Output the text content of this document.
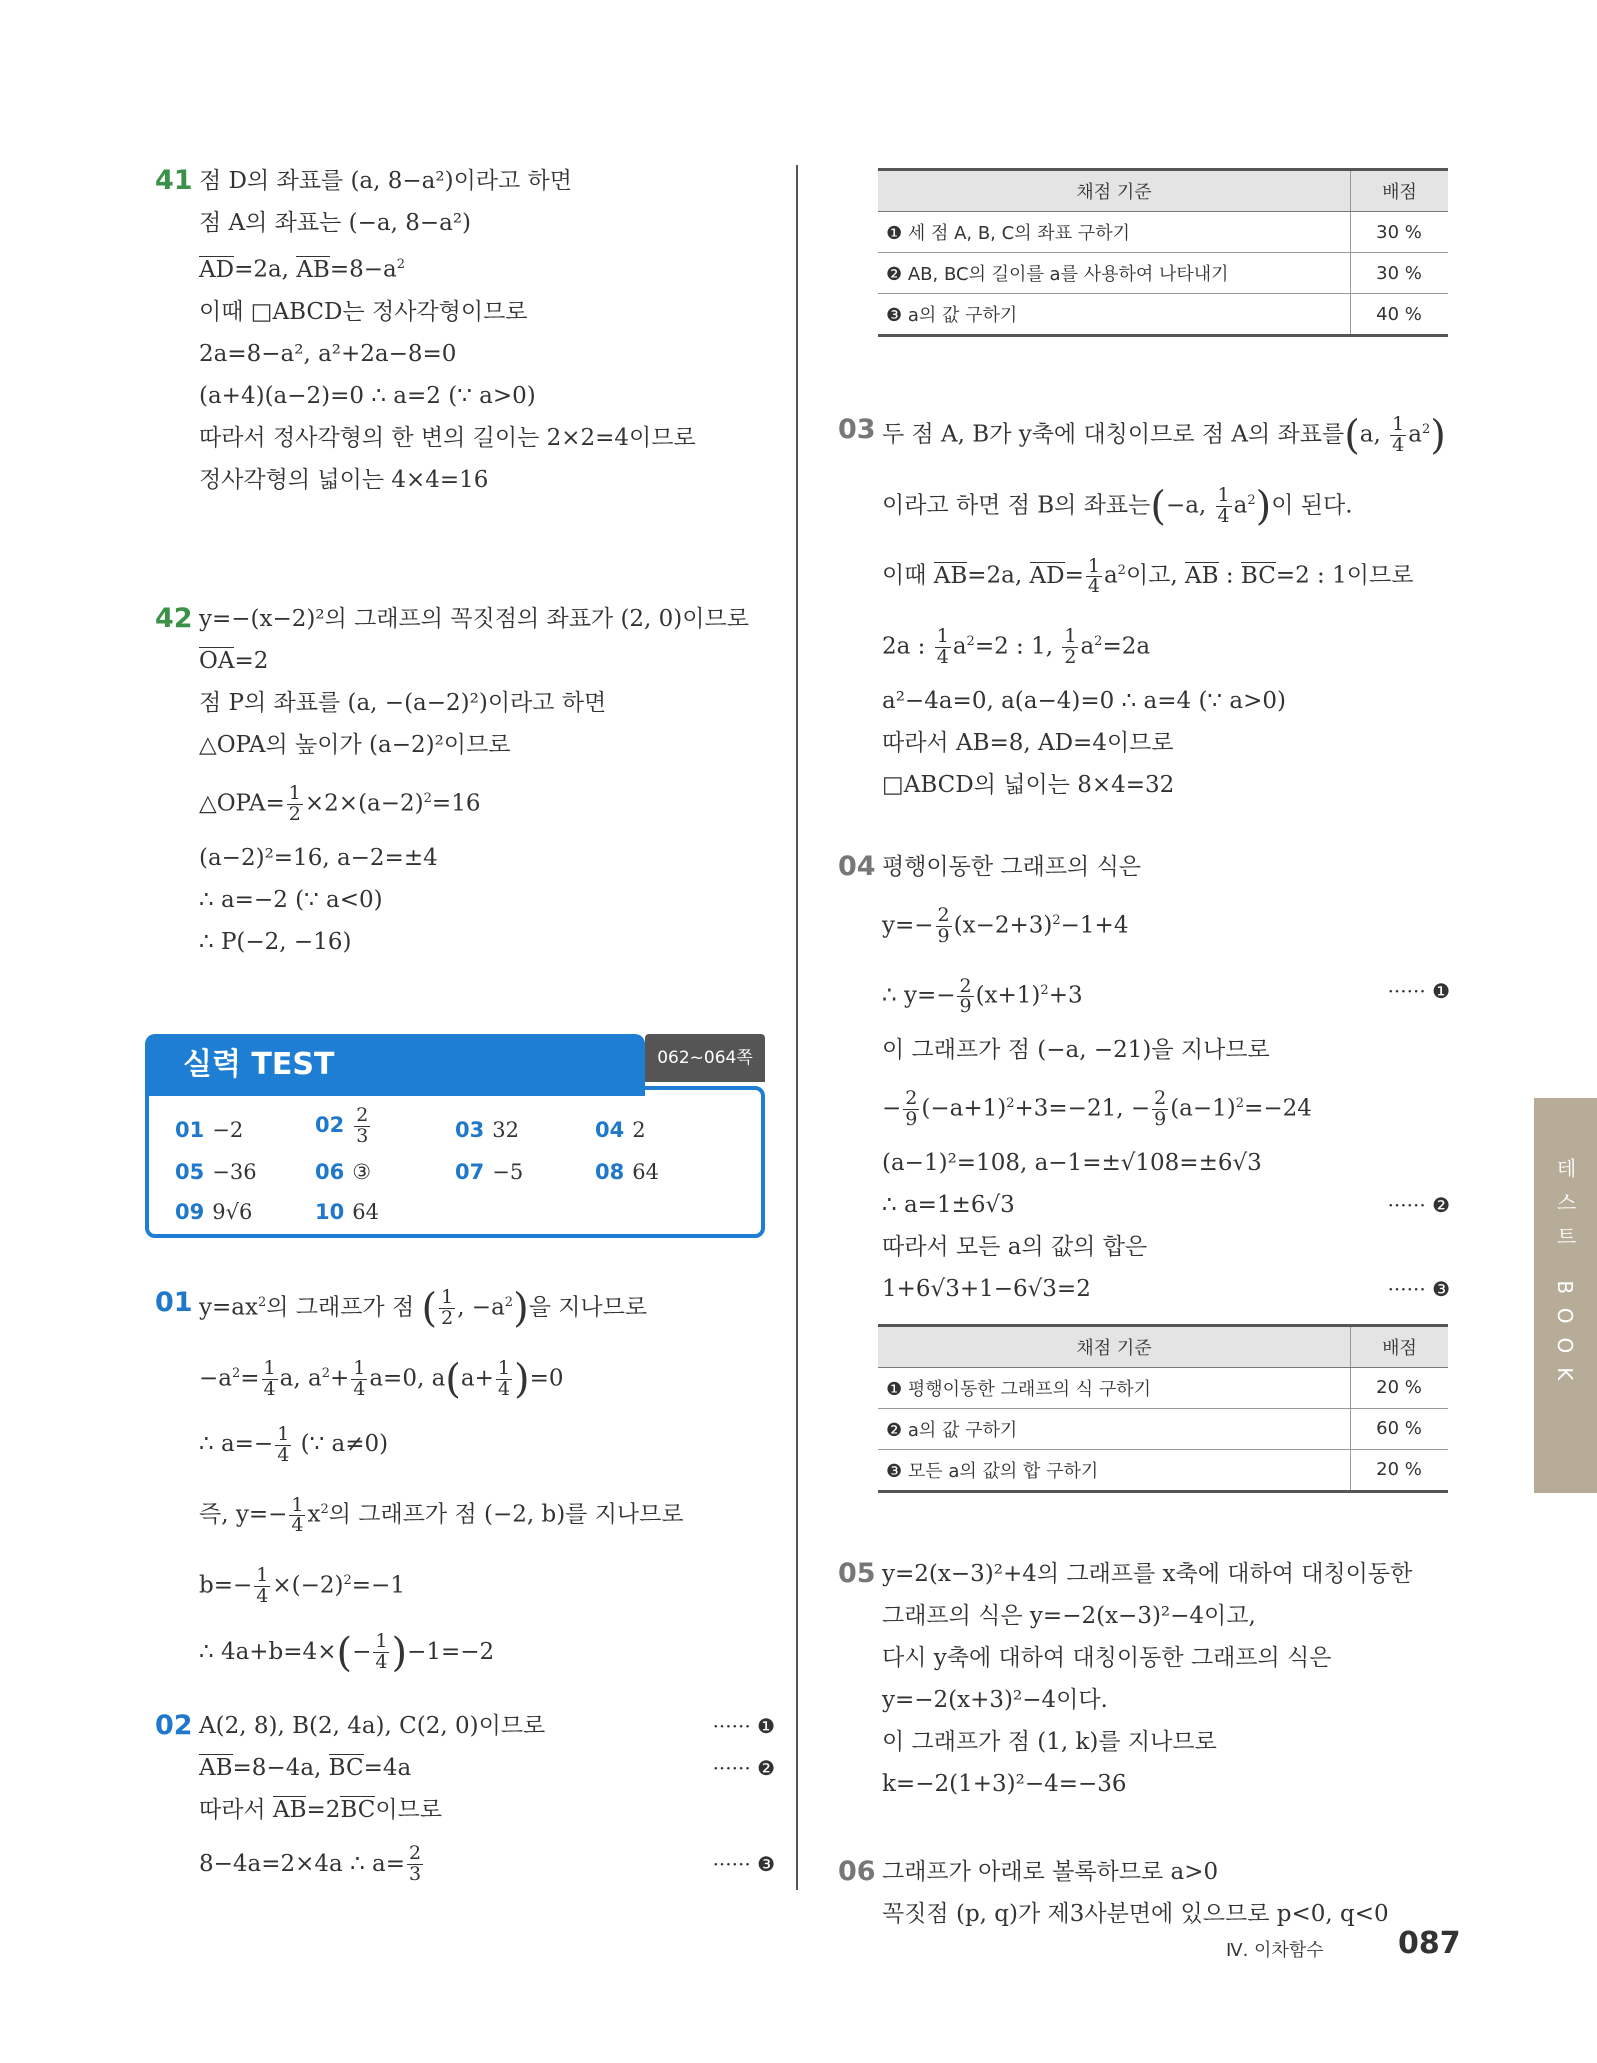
41 점 D의 좌표를 (a, 8−a²)이라고 하면
점 A의 좌표는 (−a, 8−a²)
AD=2a, $AB=8-a^2$
이때 □ABCD는 정사각형이므로
2a=8−a², a²+2a−8=0
(a+4)(a−2)=0 ∴ a=2 (∵ a>0)
따라서 정사각형의 한 변의 길이는 2×2=4이므로
정사각형의 넓이는 4×4=16
42 y=−(x−2)²의 그래프의 꼭짓점의 좌표가 (2, 0)이므로
OA=2
점 P의 좌표를 (a, −(a−2)²)이라고 하면
△OPA의 높이가 (a−2)²이므로
△OPA= $\frac{1}{2} \times 2\times(a-2)^2=16$
(a−2)²=16, a−2=±4
∴ a=−2 (∵ a<0)
∴ P(−2, −16)
01 −2	$02 \frac{2}{3}$	03 32	04 2
05 −36	06 ③	07 −5	08 64
09 9√6	10 64
실력 TEST	062~064쪽
01 $y=ax^2$의 그래프가 점 ( $\frac{1}{2}$ , $-a^2$)을 지나므로
$-a^2= \frac{1}{4} a$, $a^2+ \frac{1}{4} a=0$, $a(a+ \frac{1}{4} )=0$
∴ $a=- \frac{1}{4}$ (∵ a≠0)
즉, $y=- \frac{1}{4} x^2$의 그래프가 점 (−2, b)를 지나므로
$b=- \frac{1}{4} \times(-2)^2=-1$
∴ $4a+b=4\times(- \frac{1}{4} )-1=-2$
02 A(2, 8), B(2, 4a), C(2, 0)이므로	······ ❶
AB=8−4a, BC=4a	······ ❷
따라서 AB=2BC이므로
8−4a=2×4a ∴ $a= \frac{2}{3}$	······ ❸
채점 기준	배점
❶ 세 점 A, B, C의 좌표 구하기	30 %
❷ AB, BC의 길이를 a를 사용하여 나타내기	30 %
❸ a의 값 구하기	40 %
03 두 점 A, B가 y축에 대칭이므로 점 A의 좌표를(a, $\frac{1}{4} a^2$)
이라고 하면 점 B의 좌표는(−a, $\frac{1}{4} a^2$)이 된다.
이때 AB=2a, $AD= \frac{1}{4} a^2$이고, AB : BC=2 : 1이므로
2a : $\frac{1}{4} a^2=2$ : 1, $\frac{1}{2} a^2=2a$
a²−4a=0, a(a−4)=0 ∴ a=4 (∵ a>0)
따라서 AB=8, AD=4이므로
□ABCD의 넓이는 8×4=32
04 평행이동한 그래프의 식은
$y=- \frac{2}{9} (x-2+3)^2-1+4$
∴ $y=- \frac{2}{9} (x+1)^2+3$	······ ❶
이 그래프가 점 (−a, −21)을 지나므로
− $\frac{2}{9} (-a+1)^2+3=-21$, − $\frac{2}{9} (a-1)^2=-24$
(a−1)²=108, a−1=±√108=±6√3
∴ a=1±6√3	······ ❷
따라서 모든 a의 값의 합은
1+6√3+1−6√3=2	······ ❸
채점 기준	배점
❶ 평행이동한 그래프의 식 구하기	20 %
❷ a의 값 구하기	60 %
❸ 모든 a의 값의 합 구하기	20 %
05 y=2(x−3)²+4의 그래프를 x축에 대하여 대칭이동한
그래프의 식은 y=−2(x−3)²−4이고,
다시 y축에 대하여 대칭이동한 그래프의 식은
y=−2(x+3)²−4이다.
이 그래프가 점 (1, k)를 지나므로
k=−2(1+3)²−4=−36
06 그래프가 아래로 볼록하므로 a>0
꼭짓점 (p, q)가 제3사분면에 있으므로 p<0, q<0
테스트 BOOK
Ⅳ. 이차함수 087
